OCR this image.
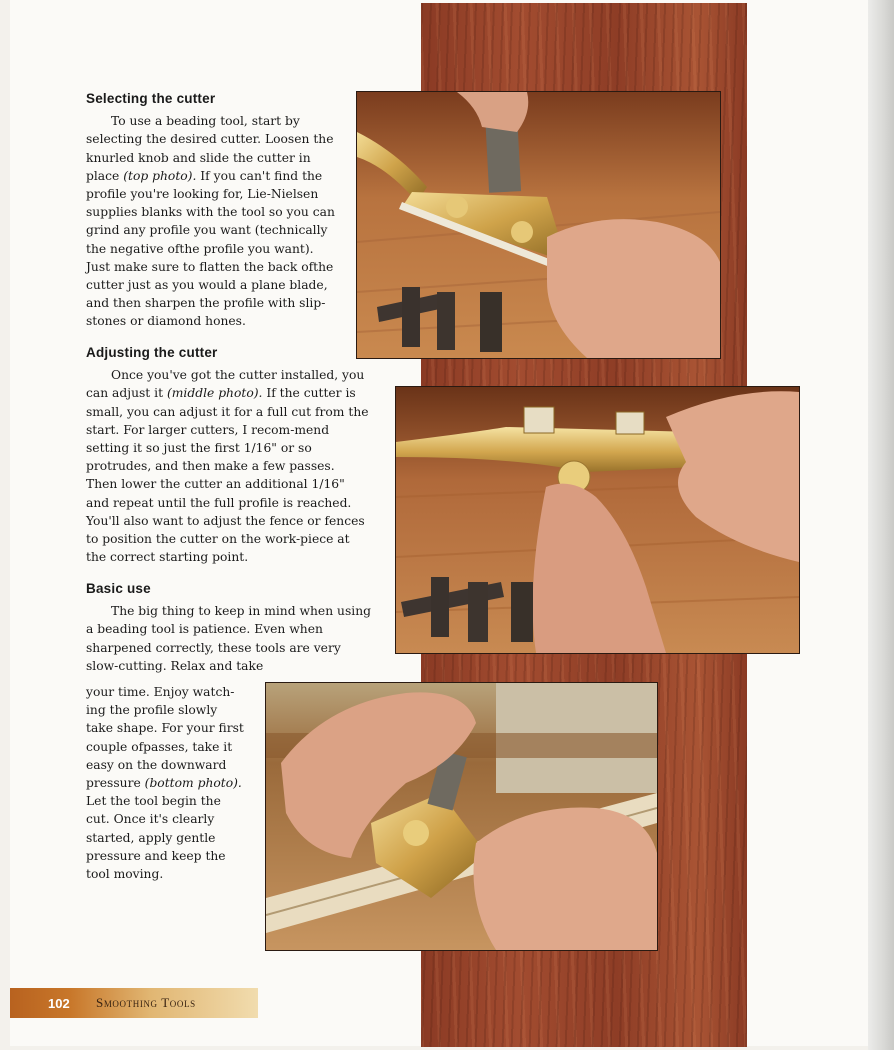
Selecting the cutter

To use a beading tool, start by selecting the desired cutter. Loosen the knurled knob and slide the cutter in place (top photo). If you can't find the profile you're looking for, Lie-Nielsen supplies blanks with the tool so you can grind any profile you want (technically the negative ofthe profile you want). Just make sure to flatten the back ofthe cutter just as you would a plane blade, and then sharpen the profile with slip-stones or diamond hones.

Adjusting the cutter

Once you've got the cutter installed, you can adjust it (middle photo). If the cutter is small, you can adjust it for a full cut from the start. For larger cutters, I recom-mend setting it so just the first 1/16" or so protrudes, and then make a few passes. Then lower the cutter an additional 1/16" and repeat until the full profile is reached. You'll also want to adjust the fence or fences to position the cutter on the work-piece at the correct starting point.

Basic use

The big thing to keep in mind when using a beading tool is patience. Even when sharpened correctly, these tools are very slow-cutting. Relax and take

your time. Enjoy watch-

ing the profile slowly

take shape. For your first

couple ofpasses, take it

easy on the downward

pressure (bottom photo).

Let the tool begin the

cut. Once it's clearly

started, apply gentle

pressure and keep the

tool moving.

102 Smoothing Tools
